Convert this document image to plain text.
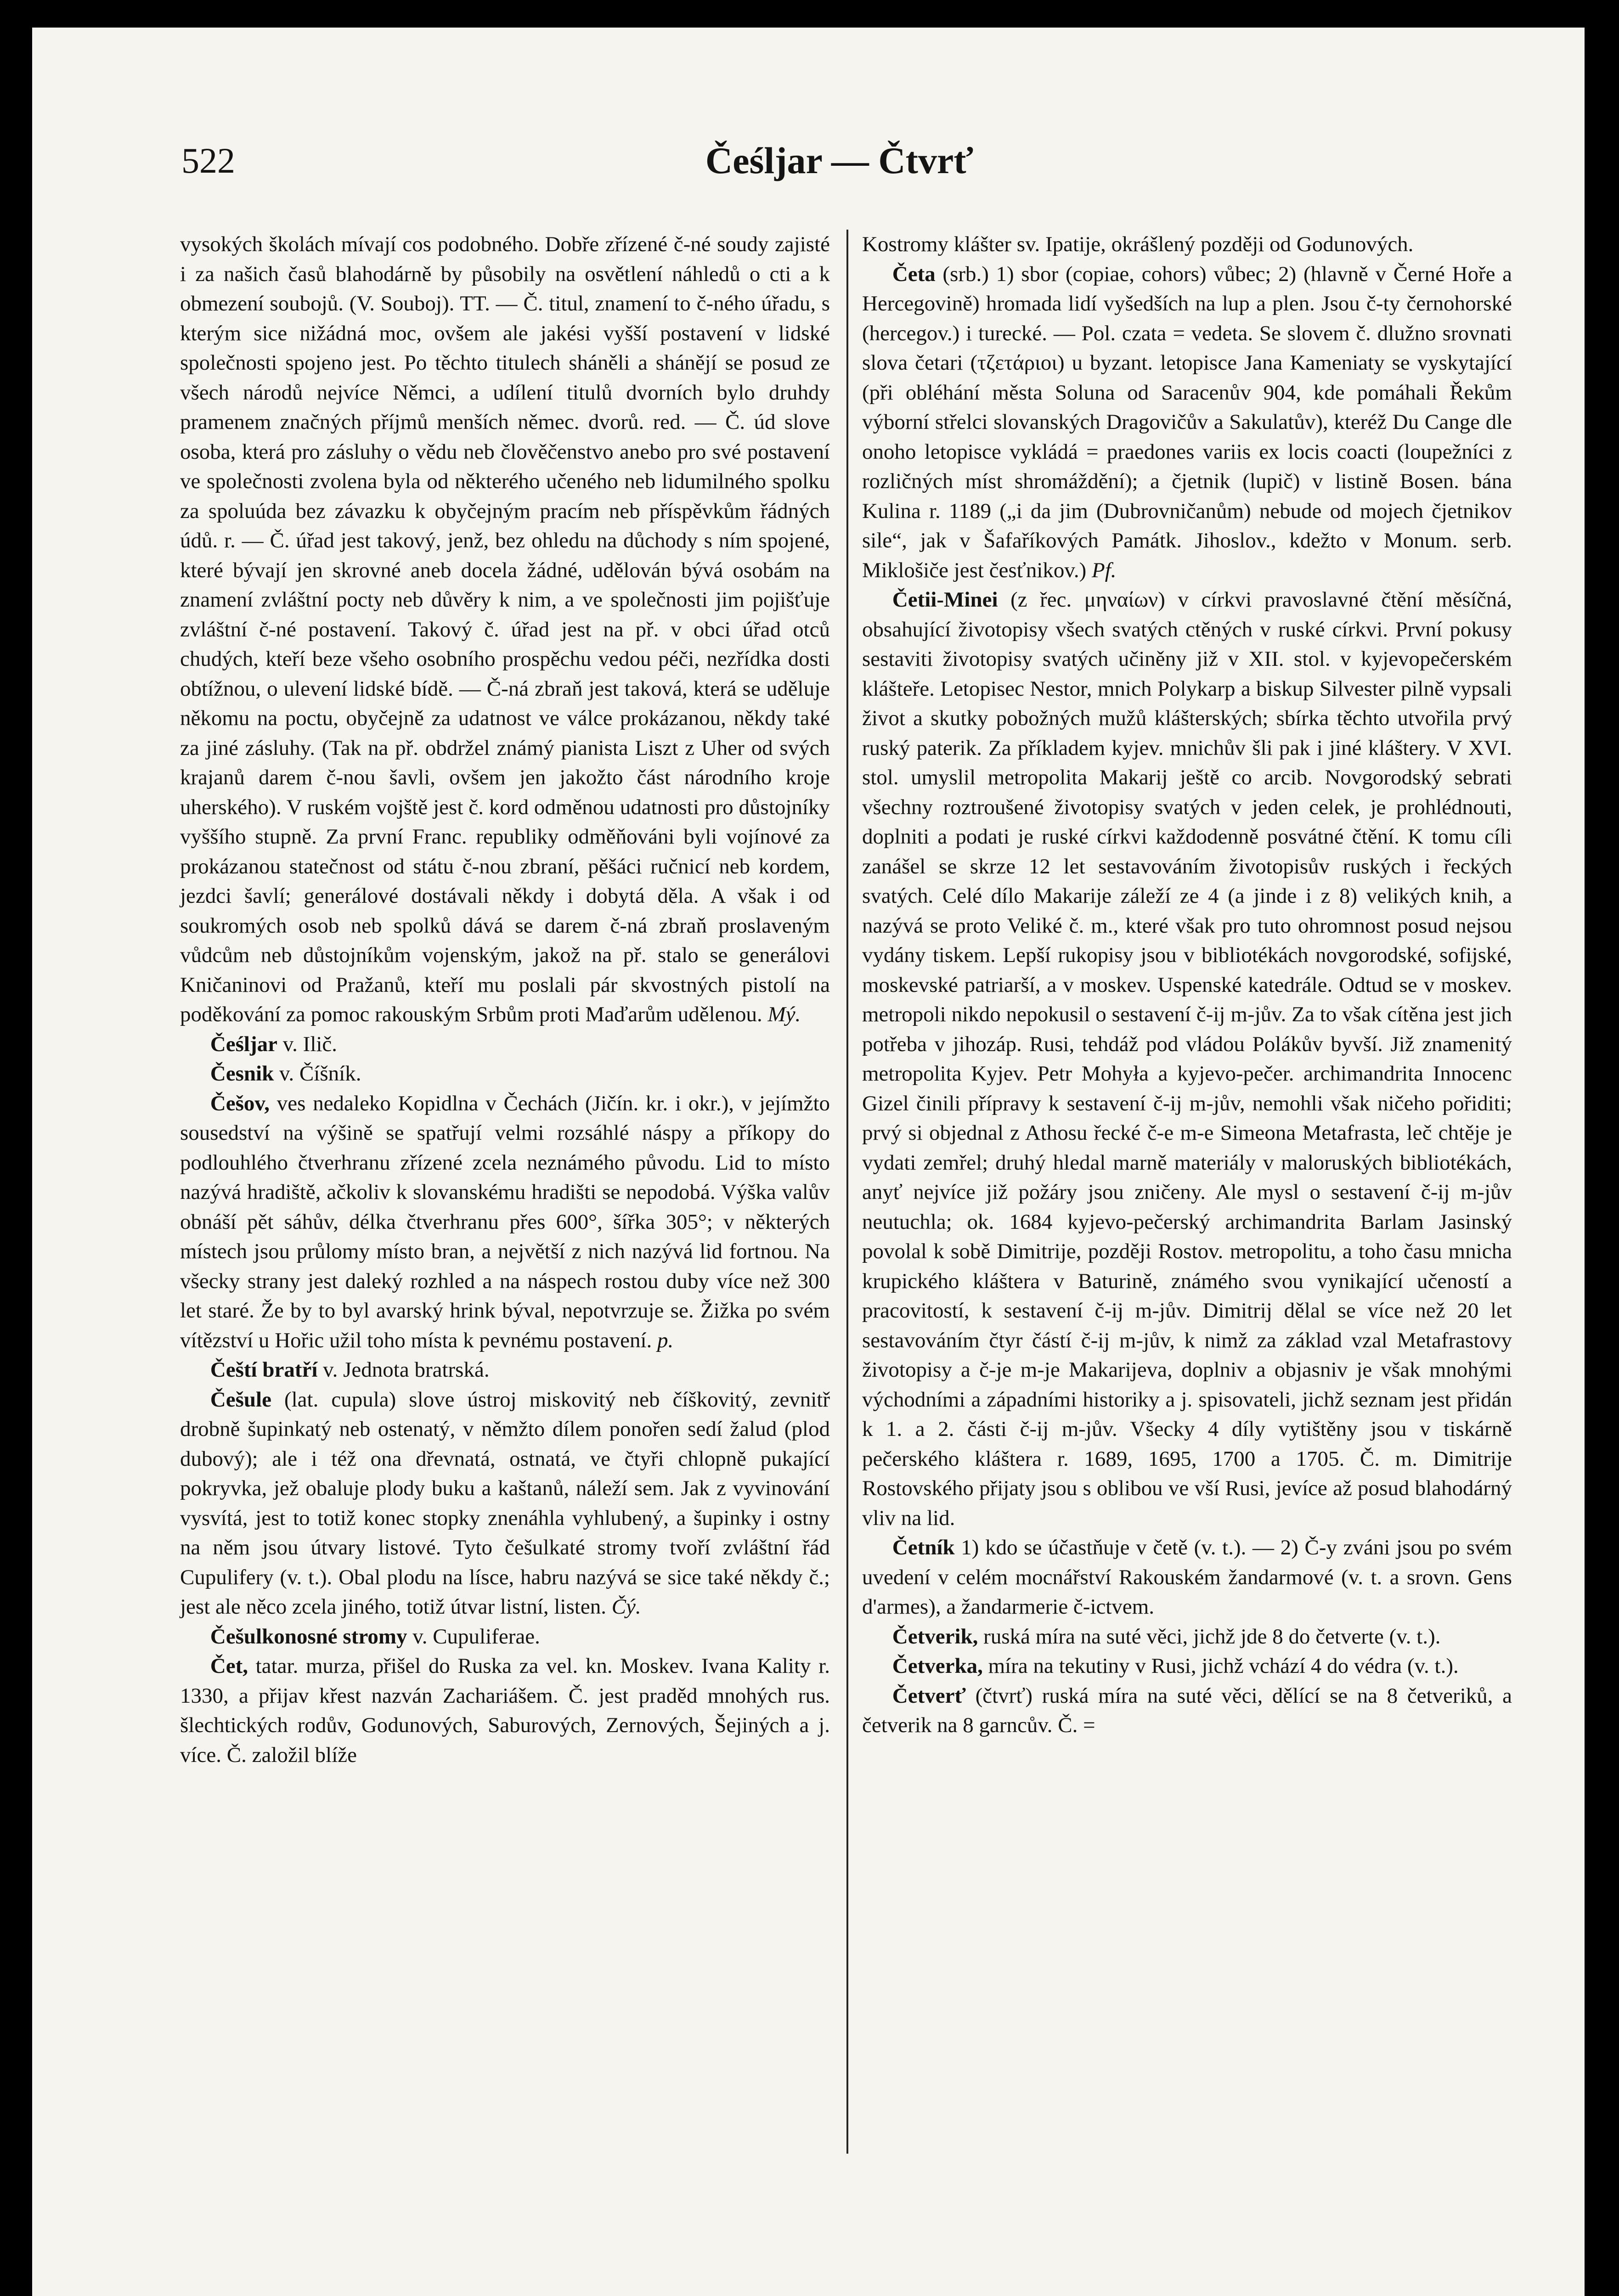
522	Čeśljar — Čtvrť

vysokých školách mívají cos podobného. Dobře zřízené č-né soudy zajisté i za našich časů blahodárně by působily na osvětlení náhledů o cti a k obmezení soubojů. (V. Souboj). TT. — Č. titul, znamení to č-ného úřadu, s kterým sice nižádná moc, ovšem ale jakési vyšší postavení v lidské společnosti spojeno jest. Po těchto titulech sháněli a shánějí se posud ze všech národů nejvíce Němci, a udílení titulů dvorních bylo druhdy pramenem značných příjmů menších němec. dvorů. red. — Č. úd slove osoba, která pro zásluhy o vědu neb člověčenstvo anebo pro své postavení ve společnosti zvolena byla od některého učeného neb lidumilného spolku za spoluúda bez závazku k obyčejným pracím neb příspěvkům řádných údů. r. — Č. úřad jest takový, jenž, bez ohledu na důchody s ním spojené, které bývají jen skrovné aneb docela žádné, udělován bývá osobám na znamení zvláštní pocty neb důvěry k nim, a ve společnosti jim pojišťuje zvláštní č-né postavení. Takový č. úřad jest na př. v obci úřad otců chudých, kteří beze všeho osobního prospěchu vedou péči, nezřídka dosti obtížnou, o ulevení lidské bídě. — Č-ná zbraň jest taková, která se uděluje někomu na poctu, obyčejně za udatnost ve válce prokázanou, někdy také za jiné zásluhy. (Tak na př. obdržel známý pianista Liszt z Uher od svých krajanů darem č-nou šavli, ovšem jen jakožto část národního kroje uherského). V ruském vojště jest č. kord odměnou udatnosti pro důstojníky vyššího stupně. Za první Franc. republiky odměňováni byli vojínové za prokázanou statečnost od státu č-nou zbraní, pěšáci ručnicí neb kordem, jezdci šavlí; generálové dostávali někdy i dobytá děla. A však i od soukromých osob neb spolků dává se darem č-ná zbraň proslaveným vůdcům neb důstojníkům vojenským, jakož na př. stalo se generálovi Kničaninovi od Pražanů, kteří mu poslali pár skvostných pistolí na poděkování za pomoc rakouským Srbům proti Maďarům udělenou. Mý.

Čeśljar v. Ilič.

Česnik v. Číšník.

Češov, ves nedaleko Kopidlna v Čechách (Jičín. kr. i okr.), v jejímžto sousedství na výšině se spatřují velmi rozsáhlé náspy a příkopy do podlouhlého čtverhranu zřízené zcela neznámého původu. Lid to místo nazývá hradiště, ačkoliv k slovanskému hradišti se nepodobá. Výška valův obnáší pět sáhův, délka čtverhranu přes 600°, šířka 305°; v některých místech jsou průlomy místo bran, a největší z nich nazývá lid fortnou. Na všecky strany jest daleký rozhled a na náspech rostou duby více než 300 let staré. Že by to byl avarský hrink býval, nepotvrzuje se. Žižka po svém vítězství u Hořic užil toho místa k pevnému postavení. p.

Čeští bratří v. Jednota bratrská.

Češule (lat. cupula) slove ústroj miskovitý neb číškovitý, zevnitř drobně šupinkatý neb ostenatý, v němžto dílem ponořen sedí žalud (plod dubový); ale i též ona dřevnatá, ostnatá, ve čtyři chlopně pukající pokryvka, jež obaluje plody buku a kaštanů, náleží sem. Jak z vyvinování vysvítá, jest to totiž konec stopky znenáhla vyhlubený, a šupinky i ostny na něm jsou útvary listové. Tyto češulkaté stromy tvoří zvláštní řád Cupulifery (v. t.). Obal plodu na lísce, habru nazývá se sice také někdy č.; jest ale něco zcela jiného, totiž útvar listní, listen. Čý.

Češulkonosné stromy v. Cupuliferae.

Čet, tatar. murza, přišel do Ruska za vel. kn. Moskev. Ivana Kality r. 1330, a přijav křest nazván Zachariášem. Č. jest praděd mnohých rus. šlechtických rodův, Godunových, Saburových, Zernových, Šejiných a j. více. Č. založil blíže

Kostromy klášter sv. Ipatije, okrášlený později od Godunových.

Četa (srb.) 1) sbor (copiae, cohors) vůbec; 2) (hlavně v Černé Hoře a Hercegovině) hromada lidí vyšedších na lup a plen. Jsou č-ty černohorské (hercegov.) i turecké. — Pol. czata = vedeta. Se slovem č. dlužno srovnati slova četari (τζετάριοι) u byzant. letopisce Jana Kameniaty se vyskytající (při obléhání města Soluna od Saracenův 904, kde pomáhali Řekům výborní střelci slovanských Dragovičův a Sakulatův), kteréž Du Cange dle onoho letopisce vykládá = praedones variis ex locis coacti (loupežníci z rozličných míst shromáždění); a čjetnik (lupič) v listině Bosen. bána Kulina r. 1189 („i da jim (Dubrovničanům) nebude od mojech čjetnikov sile“, jak v Šafaříkových Památk. Jihoslov., kdežto v Monum. serb. Miklošiče jest česťnikov.) Pf.

Četii-Minei (z řec. μηναίων) v církvi pravoslavné čtění měsíčná, obsahující životopisy všech svatých ctěných v ruské církvi. První pokusy sestaviti životopisy svatých učiněny již v XII. stol. v kyjevopečerském klášteře. Letopisec Nestor, mnich Polykarp a biskup Silvester pilně vypsali život a skutky pobožných mužů klášterských; sbírka těchto utvořila prvý ruský paterik. Za příkladem kyjev. mnichův šli pak i jiné kláštery. V XVI. stol. umyslil metropolita Makarij ještě co arcib. Novgorodský sebrati všechny roztroušené životopisy svatých v jeden celek, je prohlédnouti, doplniti a podati je ruské církvi každodenně posvátné čtění. K tomu cíli zanášel se skrze 12 let sestavováním životopisův ruských i řeckých svatých. Celé dílo Makarije záleží ze 4 (a jinde i z 8) velikých knih, a nazývá se proto Veliké č. m., které však pro tuto ohromnost posud nejsou vydány tiskem. Lepší rukopisy jsou v bibliotékách novgorodské, sofijské, moskevské patriarší, a v moskev. Uspenské katedrále. Odtud se v moskev. metropoli nikdo nepokusil o sestavení č-ij m-jův. Za to však cítěna jest jich potřeba v jihozáp. Rusi, tehdáž pod vládou Polákův byvší. Již znamenitý metropolita Kyjev. Petr Mohyła a kyjevo-pečer. archimandrita Innocenc Gizel činili přípravy k sestavení č-ij m-jův, nemohli však ničeho pořiditi; prvý si objednal z Athosu řecké č-e m-e Simeona Metafrasta, leč chtěje je vydati zemřel; druhý hledal marně materiály v malоruských bibliotékách, anyť nejvíce již požáry jsou zničeny. Ale mysl o sestavení č-ij m-jův neutuchla; ok. 1684 kyjevo-pečerský archimandrita Barlam Jasinský povolal k sobě Dimitrije, později Rostov. metropolitu, a toho času mnicha krupického kláštera v Baturině, známého svou vynikající učeností a pracovitostí, k sestavení č-ij m-jův. Dimitrij dělal se více než 20 let sestavováním čtyr částí č-ij m-jův, k nimž za základ vzal Metafrastovy životopisy a č-je m-je Makarijeva, doplniv a objasniv je však mnohými východními a západními historiky a j. spisovateli, jichž seznam jest přidán k 1. a 2. části č-ij m-jův. Všecky 4 díly vytištěny jsou v tiskárně pečerského kláštera r. 1689, 1695, 1700 a 1705. Č. m. Dimitrije Rostovského přijaty jsou s oblibou ve vší Rusi, jevíce až posud blahodárný vliv na lid.

Četník 1) kdo se účastňuje v četě (v. t.). — 2) Č-y zváni jsou po svém uvedení v celém mocnářství Rakouském žandarmové (v. t. a srovn. Gens d'armes), a žandarmerie č-ictvem.

Četverik, ruská míra na suté věci, jichž jde 8 do četverte (v. t.).

Četverka, míra na tekutiny v Rusi, jichž vchází 4 do védra (v. t.).

Četverť (čtvrť) ruská míra na suté věci, dělící se na 8 četveriků, a četverik na 8 garncův. Č. =
